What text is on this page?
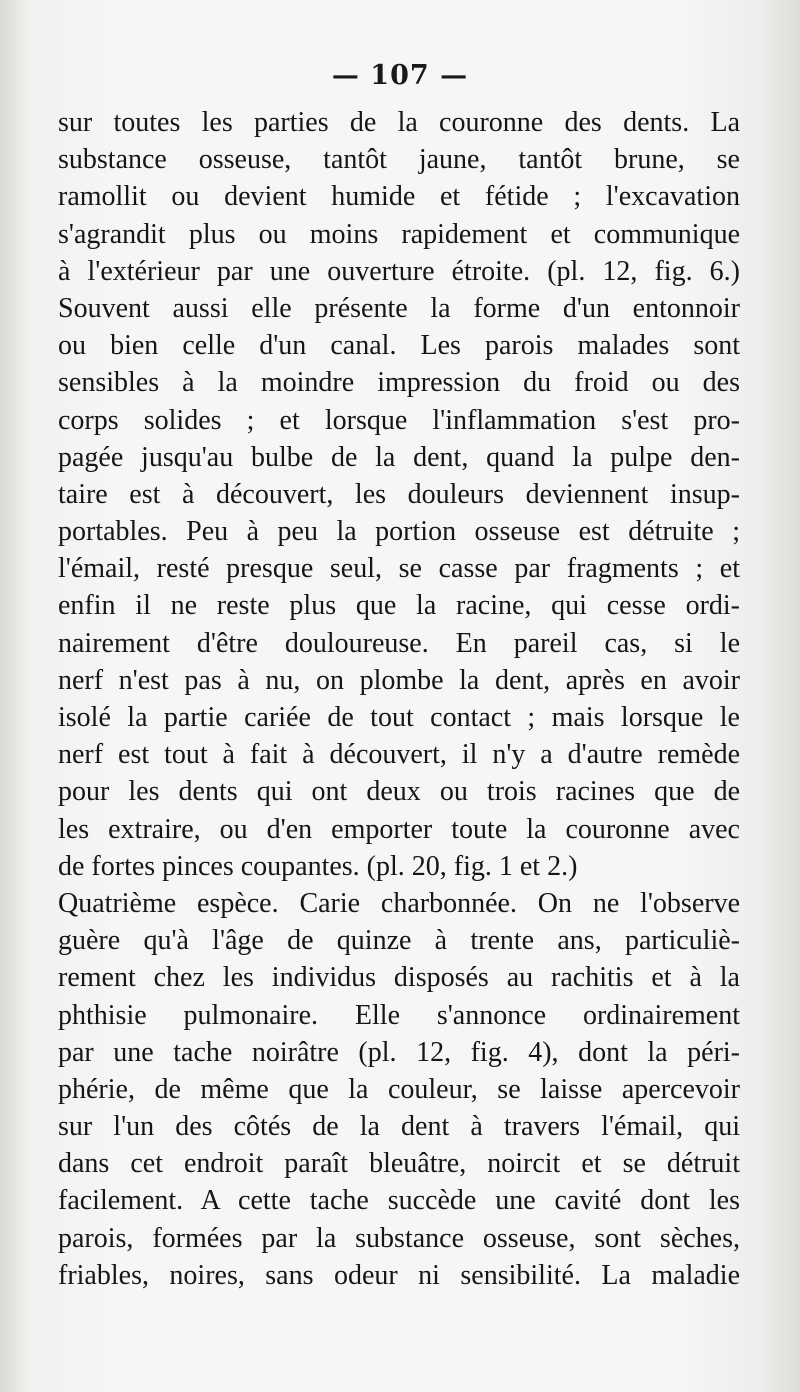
— 107 —
sur toutes les parties de la couronne des dents. La
substance osseuse, tantôt jaune, tantôt brune, se
ramollit ou devient humide et fétide ; l'excavation
s'agrandit plus ou moins rapidement et communique
à l'extérieur par une ouverture étroite. (pl. 12, fig. 6.)
Souvent aussi elle présente la forme d'un entonnoir
ou bien celle d'un canal. Les parois malades sont
sensibles à la moindre impression du froid ou des
corps solides ; et lorsque l'inflammation s'est pro-
pagée jusqu'au bulbe de la dent, quand la pulpe den-
taire est à découvert, les douleurs deviennent insup-
portables. Peu à peu la portion osseuse est détruite ;
l'émail, resté presque seul, se casse par fragments ; et
enfin il ne reste plus que la racine, qui cesse ordi-
nairement d'être douloureuse. En pareil cas, si le
nerf n'est pas à nu, on plombe la dent, après en avoir
isolé la partie cariée de tout contact ; mais lorsque le
nerf est tout à fait à découvert, il n'y a d'autre remède
pour les dents qui ont deux ou trois racines que de
les extraire, ou d'en emporter toute la couronne avec
de fortes pinces coupantes. (pl. 20, fig. 1 et 2.)
Quatrième espèce. Carie charbonnée. On ne l'observe
guère qu'à l'âge de quinze à trente ans, particuliè-
rement chez les individus disposés au rachitis et à la
phthisie pulmonaire. Elle s'annonce ordinairement
par une tache noirâtre (pl. 12, fig. 4), dont la péri-
phérie, de même que la couleur, se laisse apercevoir
sur l'un des côtés de la dent à travers l'émail, qui
dans cet endroit paraît bleuâtre, noircit et se détruit
facilement. A cette tache succède une cavité dont les
parois, formées par la substance osseuse, sont sèches,
friables, noires, sans odeur ni sensibilité. La maladie
